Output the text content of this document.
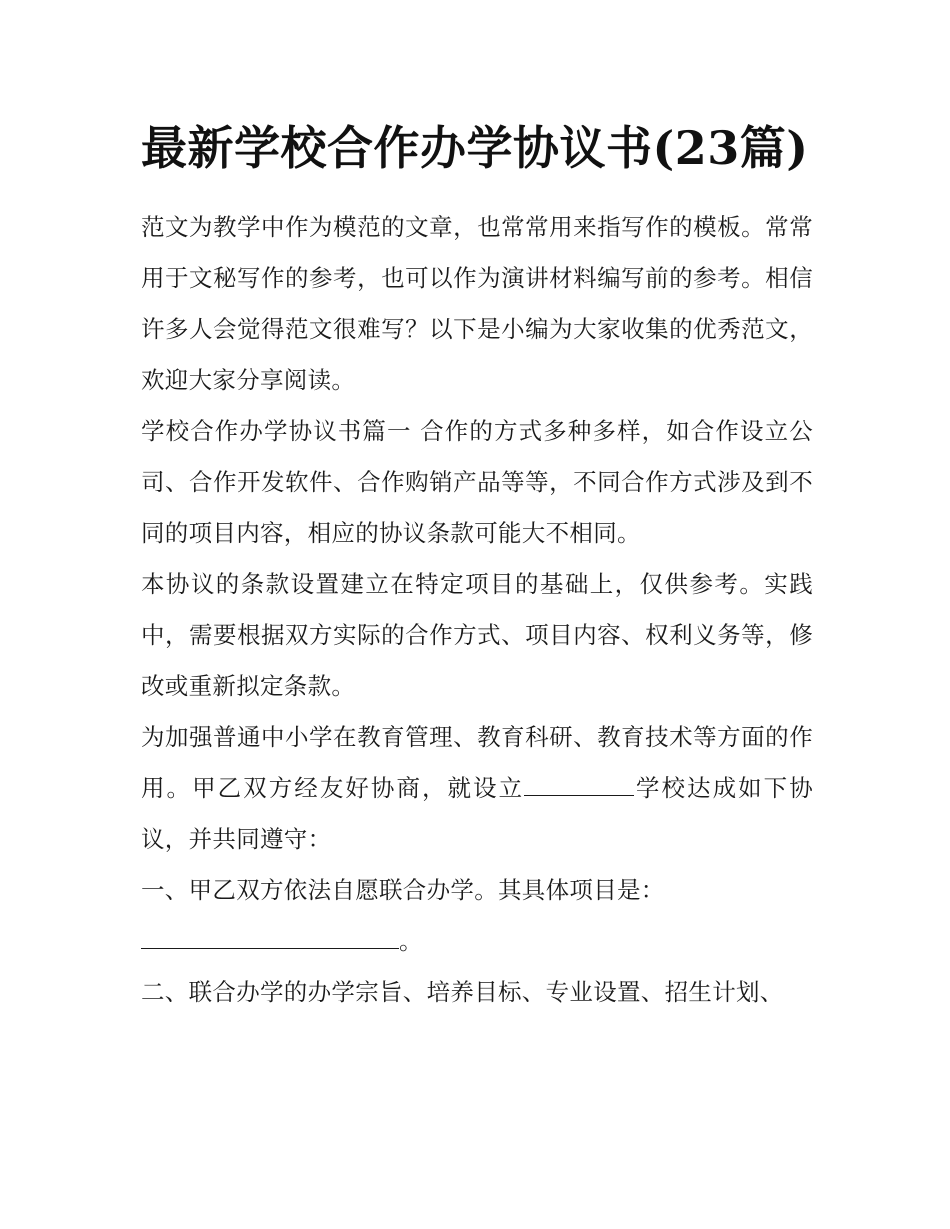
最新学校合作办学协议书(23篇)

范文为教学中作为模范的文章，也常常用来指写作的模板。常常用于文秘写作的参考，也可以作为演讲材料编写前的参考。相信许多人会觉得范文很难写？以下是小编为大家收集的优秀范文，欢迎大家分享阅读。

学校合作办学协议书篇一 合作的方式多种多样，如合作设立公司、合作开发软件、合作购销产品等等，不同合作方式涉及到不同的项目内容，相应的协议条款可能大不相同。

本协议的条款设置建立在特定项目的基础上，仅供参考。实践中，需要根据双方实际的合作方式、项目内容、权利义务等，修改或重新拟定条款。

为加强普通中小学在教育管理、教育科研、教育技术等方面的作用。甲乙双方经友好协商，就设立	学校达成如下协议，并共同遵守：

一、甲乙双方依法自愿联合办学。其具体项目是：

。

二、联合办学的办学宗旨、培养目标、专业设置、招生计划、
